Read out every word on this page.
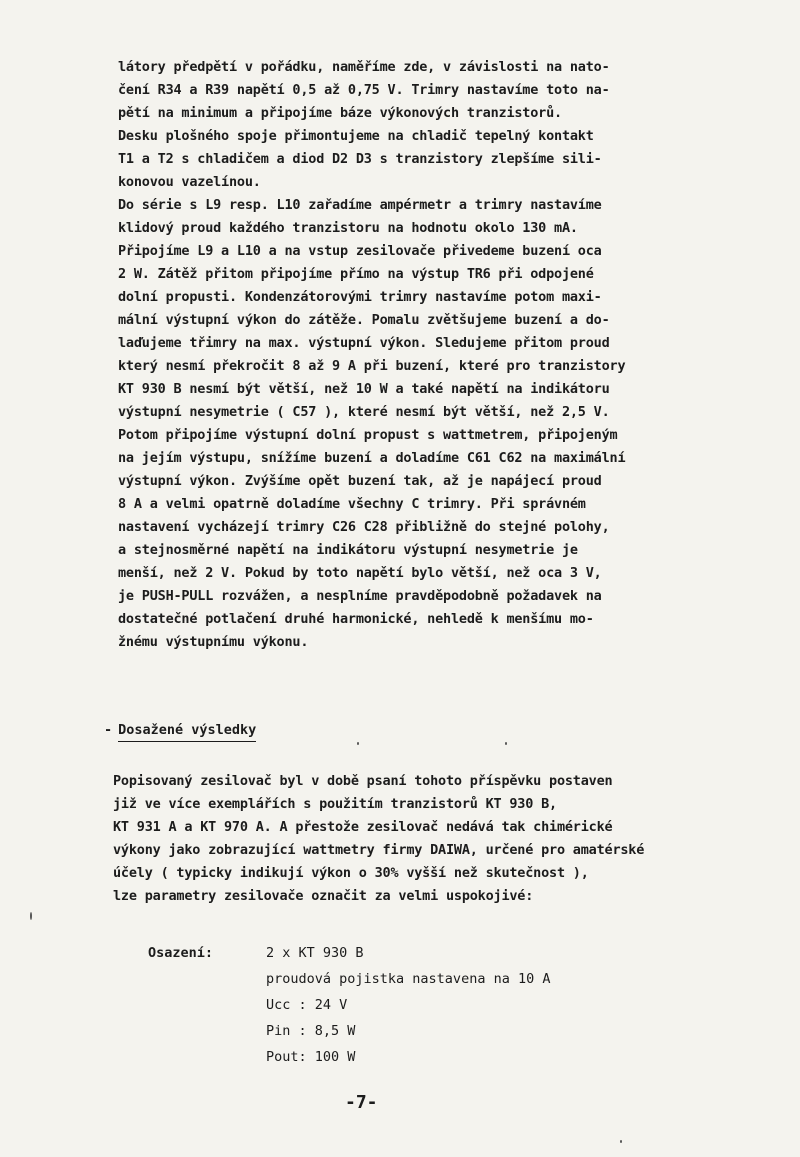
látory předpětí v pořádku, naměříme zde, v závislosti na nato-
čení R34 a R39 napětí 0,5 až 0,75 V. Trimry nastavíme toto na-
pětí na minimum a připojíme báze výkonových tranzistorů.
Desku plošného spoje přimontujeme na chladič tepelný kontakt
T1 a T2 s chladičem a diod D2 D3 s tranzistory zlepšíme sili-
konovou vazelínou.
Do série s L9 resp. L10 zařadíme ampérmetr a trimry nastavíme
klidový proud každého tranzistoru na hodnotu okolo 130 mA.
Připojíme L9 a L10 a na vstup zesilovače přivedeme buzení oca
2 W. Zátěž přitom připojíme přímo na výstup TR6 při odpojené
dolní propusti. Kondenzátorovými trimry nastavíme potom maxi-
mální výstupní výkon do zátěže. Pomalu zvětšujeme buzení a do-
laďujeme třimry na max. výstupní výkon. Sledujeme přitom proud
který nesmí překročit 8 až 9 A při buzení, které pro tranzistory
KT 930 B nesmí být větší, než 10 W a také napětí na indikátoru
výstupní nesymetrie ( C57 ), které nesmí být větší, než 2,5 V.
Potom připojíme výstupní dolní propust s wattmetrem, připojeným
na jejím výstupu, snížíme buzení a doladíme C61 C62 na maximální
výstupní výkon. Zvýšíme opět buzení tak, až je napájecí proud
8 A a velmi opatrně doladíme všechny C trimry. Při správném
nastavení vycházejí trimry C26 C28 přibližně do stejné polohy,
a stejnosměrné napětí na indikátoru výstupní nesymetrie je
menší, než 2 V. Pokud by toto napětí bylo větší, než oca 3 V,
je PUSH-PULL rozvážen, a nesplníme pravděpodobně požadavek na
dostatečné potlačení druhé harmonické, nehledě k menšímu mo-
žnému výstupnímu výkonu.
- Dosažené výsledky
Popisovaný zesilovač byl v době psaní tohoto příspěvku postaven
již ve více exemplářích s použitím tranzistorů KT 930 B,
KT 931 A a KT 970 A. A přestože zesilovač nedává tak chimérické
výkony jako zobrazující wattmetry firmy DAIWA, určené pro amatérské
účely ( typicky indikují výkon o 30% vyšší než skutečnost ),
lze parametry zesilovače označit za velmi uspokojivé:
Osazení:	2 x KT 930 B
proudová pojistka nastavena na 10 A
Ucc : 24 V
Pin : 8,5 W
Pout: 100 W
-7-
